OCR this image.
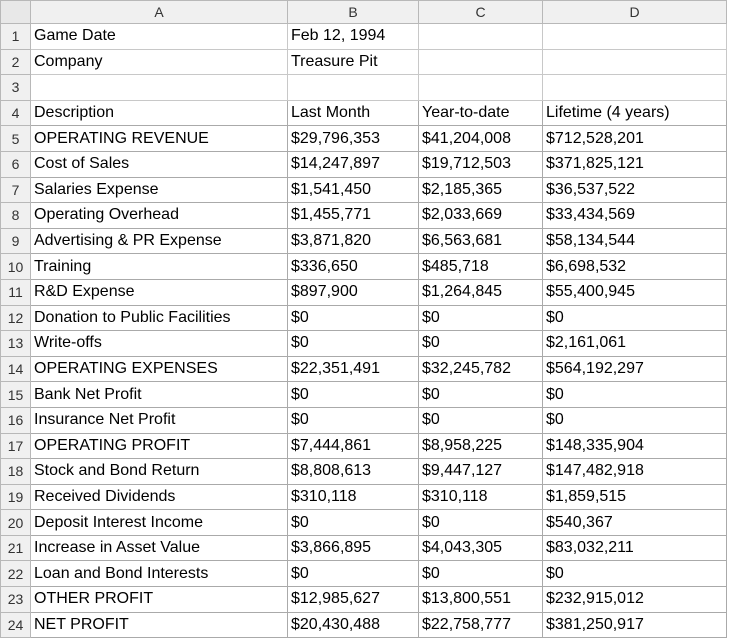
	A	B	C	D
1	Game Date	Feb 12, 1994		
2	Company	Treasure Pit		
3				
4	Description	Last Month	Year-to-date	Lifetime (4 years)
5	OPERATING REVENUE	$29,796,353	$41,204,008	$712,528,201
6	Cost of Sales	$14,247,897	$19,712,503	$371,825,121
7	Salaries Expense	$1,541,450	$2,185,365	$36,537,522
8	Operating Overhead	$1,455,771	$2,033,669	$33,434,569
9	Advertising & PR Expense	$3,871,820	$6,563,681	$58,134,544
10	Training	$336,650	$485,718	$6,698,532
11	R&D Expense	$897,900	$1,264,845	$55,400,945
12	Donation to Public Facilities	$0	$0	$0
13	Write-offs	$0	$0	$2,161,061
14	OPERATING EXPENSES	$22,351,491	$32,245,782	$564,192,297
15	Bank Net Profit	$0	$0	$0
16	Insurance Net Profit	$0	$0	$0
17	OPERATING PROFIT	$7,444,861	$8,958,225	$148,335,904
18	Stock and Bond Return	$8,808,613	$9,447,127	$147,482,918
19	Received Dividends	$310,118	$310,118	$1,859,515
20	Deposit Interest Income	$0	$0	$540,367
21	Increase in Asset Value	$3,866,895	$4,043,305	$83,032,211
22	Loan and Bond Interests	$0	$0	$0
23	OTHER PROFIT	$12,985,627	$13,800,551	$232,915,012
24	NET PROFIT	$20,430,488	$22,758,777	$381,250,917
